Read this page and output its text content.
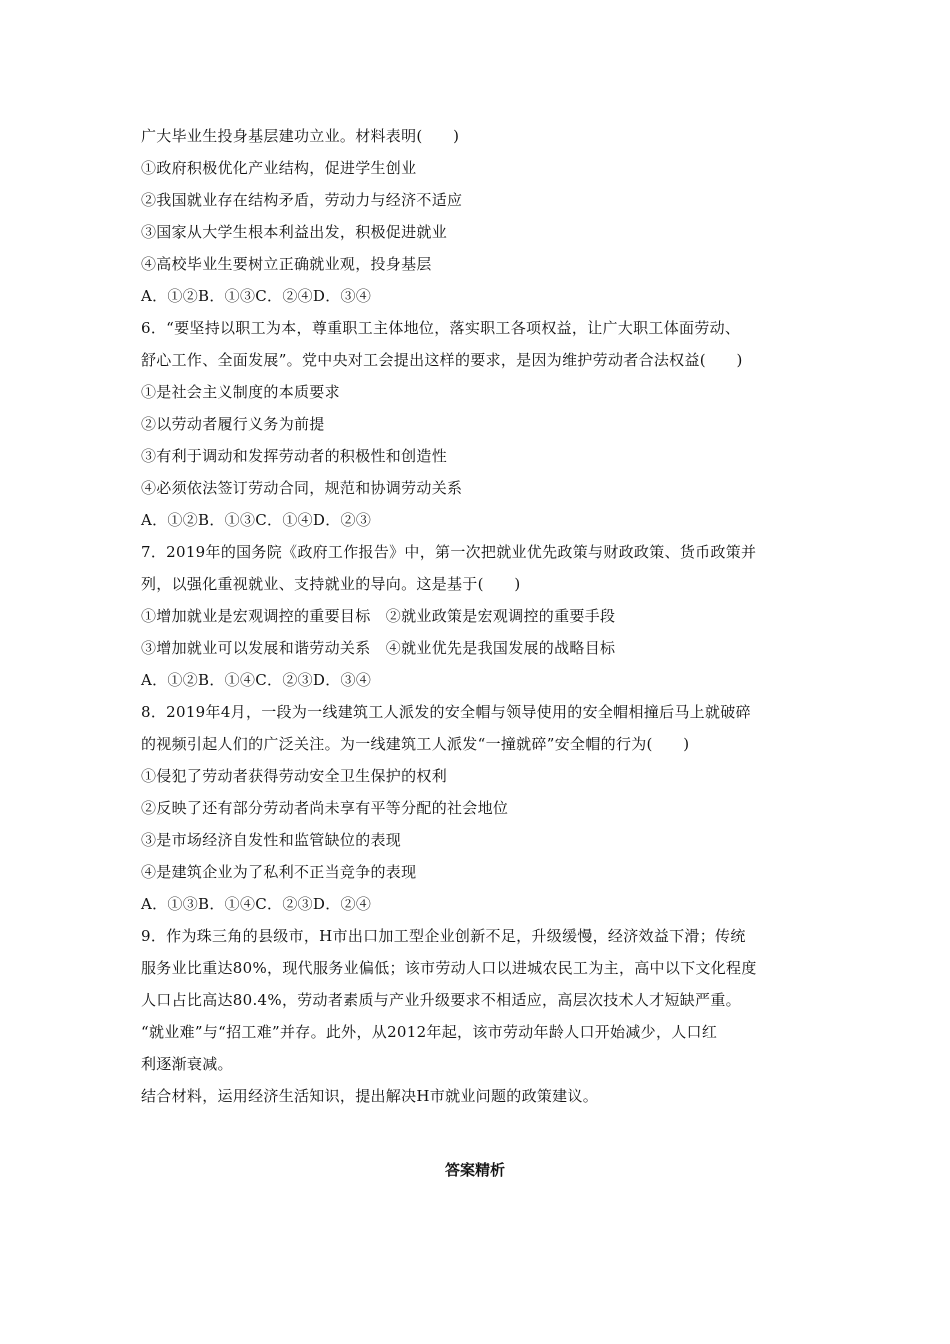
广大毕业生投身基层建功立业。材料表明(　　)
①政府积极优化产业结构，促进学生创业
②我国就业存在结构矛盾，劳动力与经济不适应
③国家从大学生根本利益出发，积极促进就业
④高校毕业生要树立正确就业观，投身基层
A．①②B．①③C．②④D．③④
6．“要坚持以职工为本，尊重职工主体地位，落实职工各项权益，让广大职工体面劳动、
舒心工作、全面发展”。党中央对工会提出这样的要求，是因为维护劳动者合法权益(　　)
①是社会主义制度的本质要求
②以劳动者履行义务为前提
③有利于调动和发挥劳动者的积极性和创造性
④必须依法签订劳动合同，规范和协调劳动关系
A．①②B．①③C．①④D．②③
7．2019年的国务院《政府工作报告》中，第一次把就业优先政策与财政政策、货币政策并
列，以强化重视就业、支持就业的导向。这是基于(　　)
①增加就业是宏观调控的重要目标　②就业政策是宏观调控的重要手段
③增加就业可以发展和谐劳动关系　④就业优先是我国发展的战略目标
A．①②B．①④C．②③D．③④
8．2019年4月，一段为一线建筑工人派发的安全帽与领导使用的安全帽相撞后马上就破碎
的视频引起人们的广泛关注。为一线建筑工人派发“一撞就碎”安全帽的行为(　　)
①侵犯了劳动者获得劳动安全卫生保护的权利
②反映了还有部分劳动者尚未享有平等分配的社会地位
③是市场经济自发性和监管缺位的表现
④是建筑企业为了私利不正当竞争的表现
A．①③B．①④C．②③D．②④
9．作为珠三角的县级市，H市出口加工型企业创新不足，升级缓慢，经济效益下滑；传统
服务业比重达80%，现代服务业偏低；该市劳动人口以进城农民工为主，高中以下文化程度
人口占比高达80.4%，劳动者素质与产业升级要求不相适应，高层次技术人才短缺严重。
“就业难”与“招工难”并存。此外，从2012年起，该市劳动年龄人口开始减少，人口红
利逐渐衰减。
结合材料，运用经济生活知识，提出解决H市就业问题的政策建议。
答案精析
